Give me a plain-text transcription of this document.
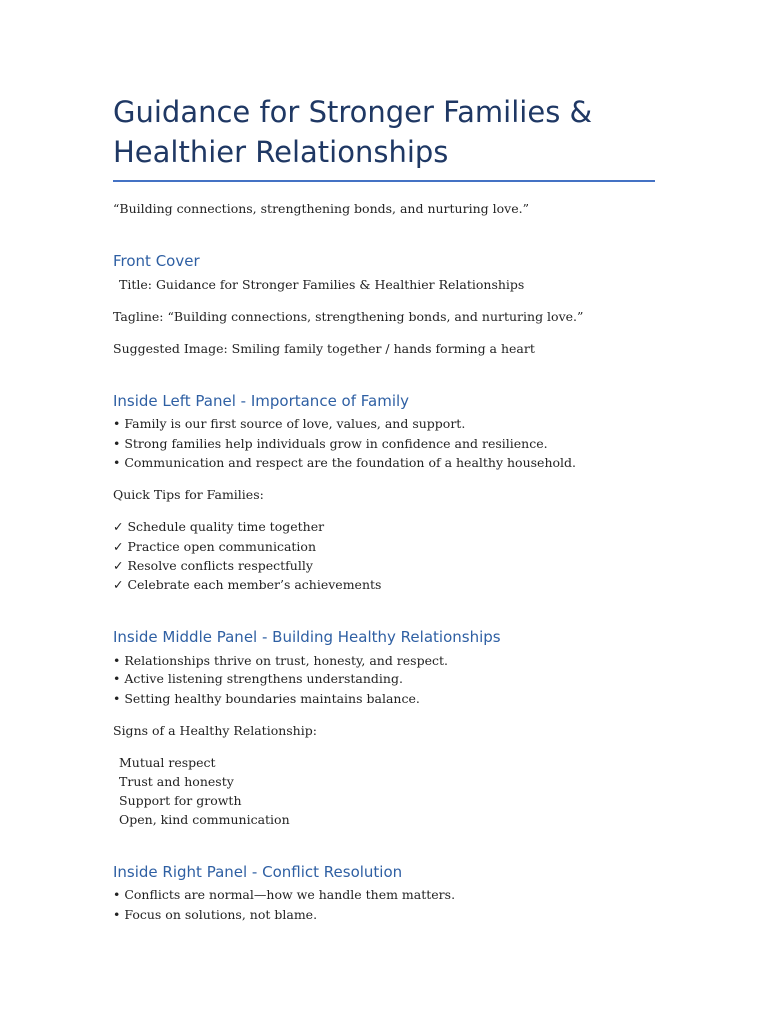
Guidance for Stronger Families &
Healthier Relationships
“Building connections, strengthening bonds, and nurturing love.”
Front Cover
Title: Guidance for Stronger Families & Healthier Relationships
Tagline: “Building connections, strengthening bonds, and nurturing love.”
Suggested Image: Smiling family together / hands forming a heart
Inside Left Panel - Importance of Family
• Family is our first source of love, values, and support.
• Strong families help individuals grow in confidence and resilience.
• Communication and respect are the foundation of a healthy household.
Quick Tips for Families:
✓ Schedule quality time together
✓ Practice open communication
✓ Resolve conflicts respectfully
✓ Celebrate each member’s achievements
Inside Middle Panel - Building Healthy Relationships
• Relationships thrive on trust, honesty, and respect.
• Active listening strengthens understanding.
• Setting healthy boundaries maintains balance.
Signs of a Healthy Relationship:
Mutual respect
Trust and honesty
Support for growth
Open, kind communication
Inside Right Panel - Conflict Resolution
• Conflicts are normal—how we handle them matters.
• Focus on solutions, not blame.
